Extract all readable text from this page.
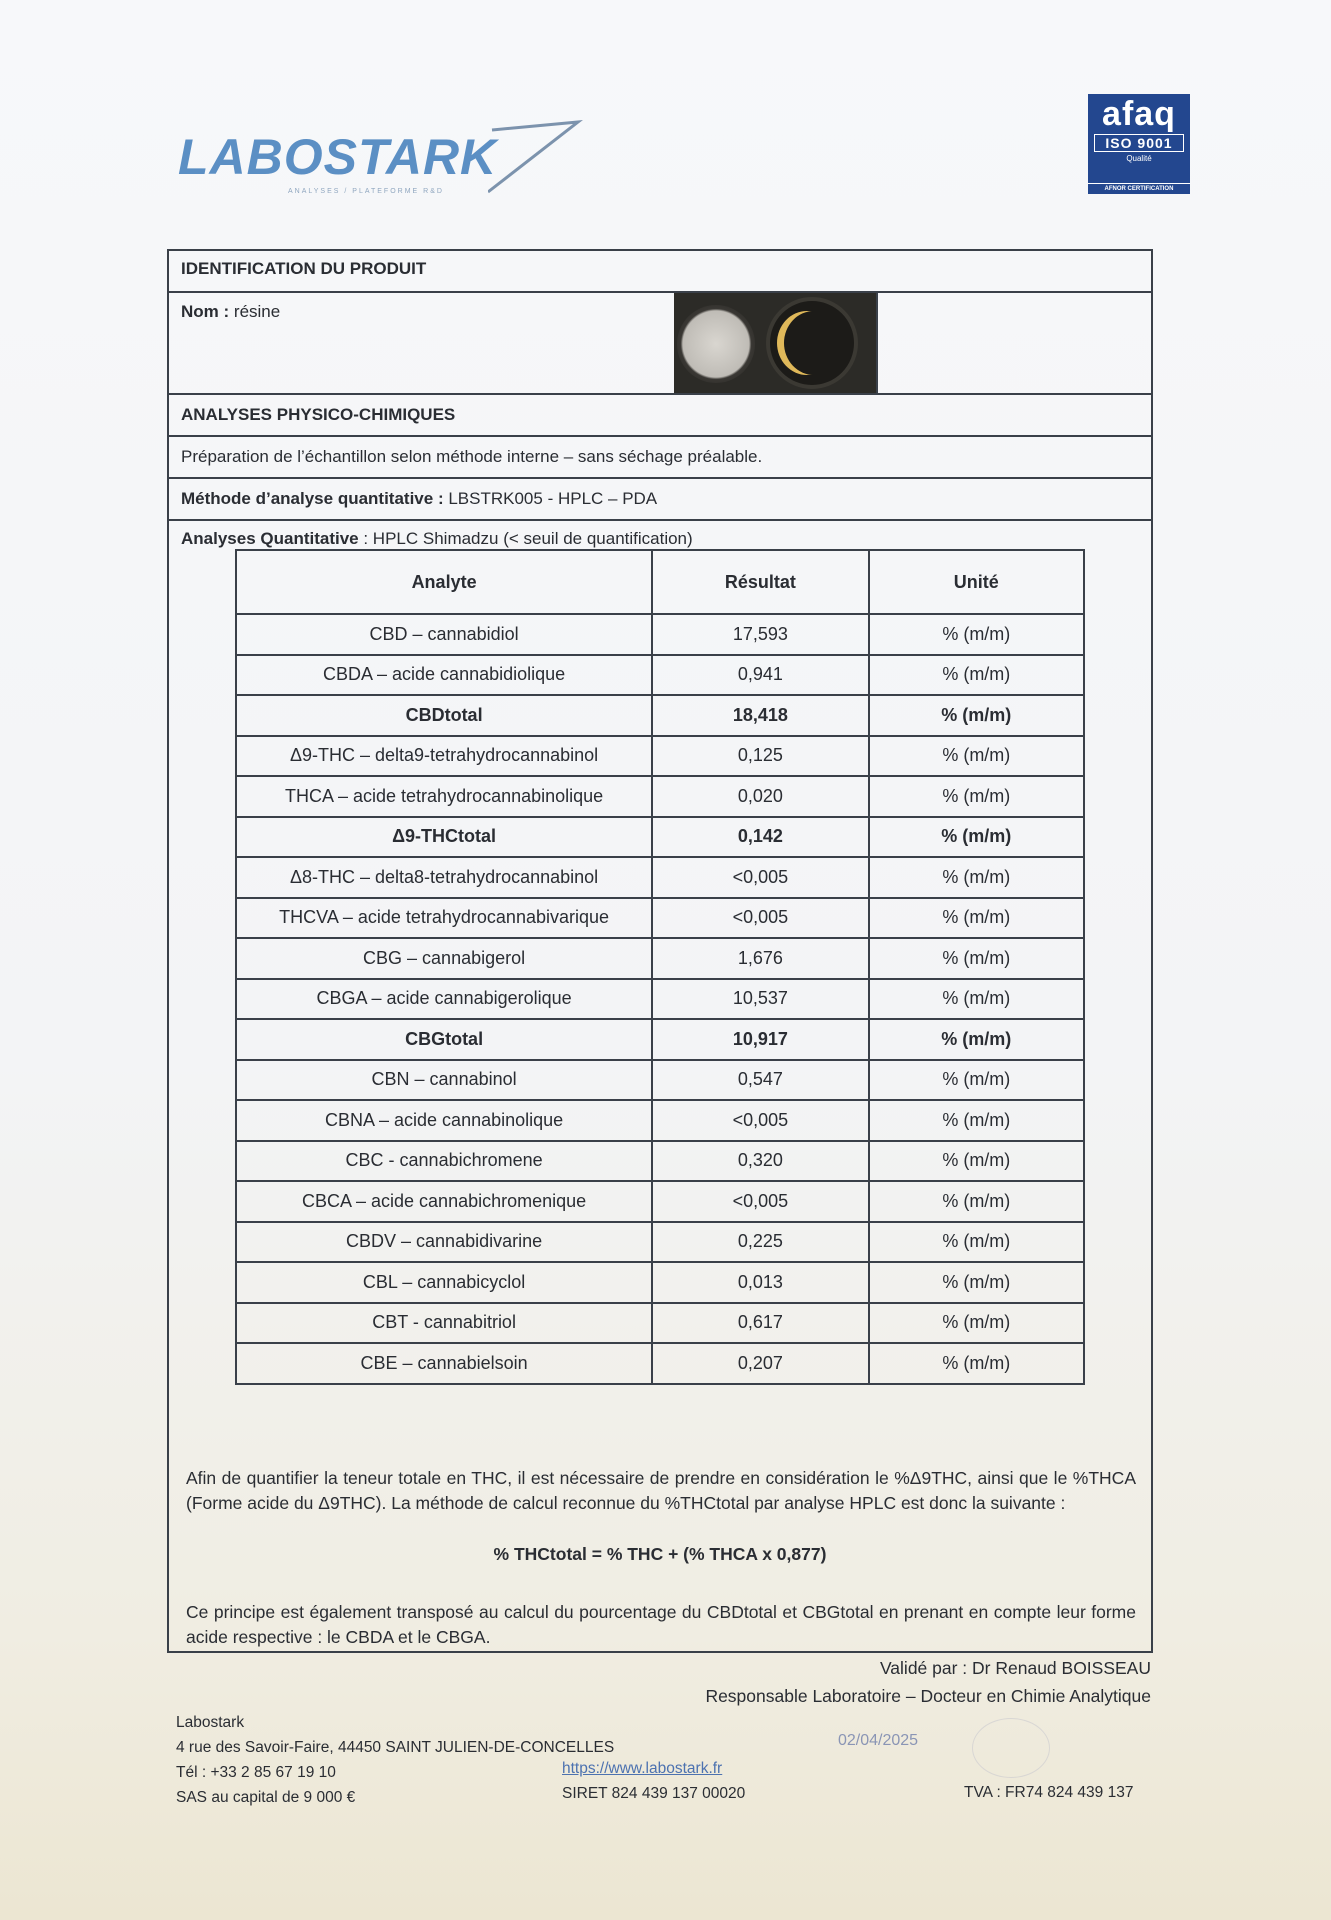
LABOSTARK
ANALYSES / PLATEFORME R&D
afaq
ISO 9001
Qualité
AFNOR CERTIFICATION
IDENTIFICATION DU PRODUIT
Nom : résine
ANALYSES PHYSICO-CHIMIQUES
Préparation de l’échantillon selon méthode interne – sans séchage préalable.
Méthode d’analyse quantitative : LBSTRK005 - HPLC – PDA
Analyses Quantitative : HPLC Shimadzu (< seuil de quantification)
Analyte	Résultat	Unité
CBD – cannabidiol	17,593	% (m/m)
CBDA – acide cannabidiolique	0,941	% (m/m)
CBDtotal	18,418	% (m/m)
Δ9-THC – delta9-tetrahydrocannabinol	0,125	% (m/m)
THCA – acide tetrahydrocannabinolique	0,020	% (m/m)
Δ9-THCtotal	0,142	% (m/m)
Δ8-THC – delta8-tetrahydrocannabinol	<0,005	% (m/m)
THCVA – acide tetrahydrocannabivarique	<0,005	% (m/m)
CBG – cannabigerol	1,676	% (m/m)
CBGA – acide cannabigerolique	10,537	% (m/m)
CBGtotal	10,917	% (m/m)
CBN – cannabinol	0,547	% (m/m)
CBNA – acide cannabinolique	<0,005	% (m/m)
CBC - cannabichromene	0,320	% (m/m)
CBCA – acide cannabichromenique	<0,005	% (m/m)
CBDV – cannabidivarine	0,225	% (m/m)
CBL – cannabicyclol	0,013	% (m/m)
CBT - cannabitriol	0,617	% (m/m)
CBE – cannabielsoin	0,207	% (m/m)
Afin de quantifier la teneur totale en THC, il est nécessaire de prendre en considération le %Δ9THC, ainsi que le %THCA (Forme acide du Δ9THC). La méthode de calcul reconnue du %THCtotal par analyse HPLC est donc la suivante :
% THCtotal = % THC + (% THCA x 0,877)
Ce principe est également transposé au calcul du pourcentage du CBDtotal et CBGtotal en prenant en compte leur forme acide respective : le CBDA et le CBGA.
Validé par : Dr Renaud BOISSEAU
Responsable Laboratoire – Docteur en Chimie Analytique
02/04/2025
Labostark
4 rue des Savoir-Faire, 44450 SAINT JULIEN-DE-CONCELLES
Tél : +33 2 85 67 19 10
SAS au capital de 9 000 €
https://www.labostark.fr
SIRET 824 439 137 00020	TVA : FR74 824 439 137
